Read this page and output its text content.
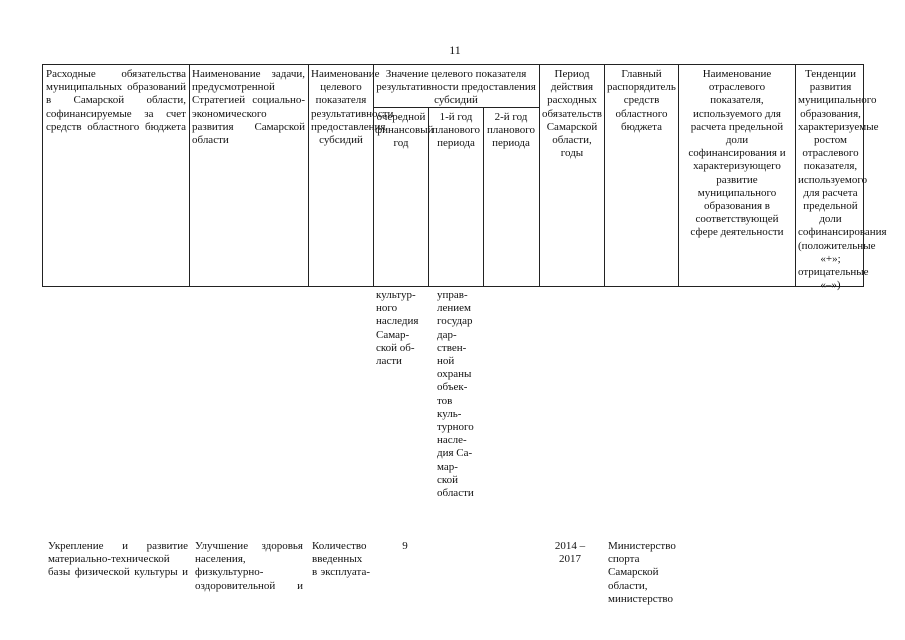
11
Расходные обязательства муниципальных образований в Самарской области, софинансируемые за счет средств областного бюджета
Наименование задачи, предусмотренной Стратегией социально-экономического развития Самарской области
Наименование целевого показателя результативности предоставления субсидий
Значение целевого показателя результативности предоставления субсидий
очередной финансовый год
1-й год планового периода
2-й год планового периода
Период действия расходных обязательств Самарской области, годы
Главный распорядитель средств областного бюджета
Наименование отраслевого показателя, используемого для расчета предельной доли софинансирования и характеризующего развитие муниципального образования в соответствующей сфере деятельности
Тенденции развития муниципального образования, характеризуемые ростом отраслевого показателя, используемого для расчета предельной доли софинансирования (положительные «+»; отрицательные «–»)
культур-
ного
наследия
Самар-
ской об-
ласти
управ-
лением
государ
дар-
ствен-
ной
охраны
объек-
тов
куль-
турного
насле-
дия Са-
мар-
ской
области
Укрепление и развитие материально-технической базы физической культуры и
Улучшение здоровья населения, физкультурно-оздоровительной и
Количество введенных в эксплуата-
9	2014 – 2017
Министерство спорта Самарской области, министерство
